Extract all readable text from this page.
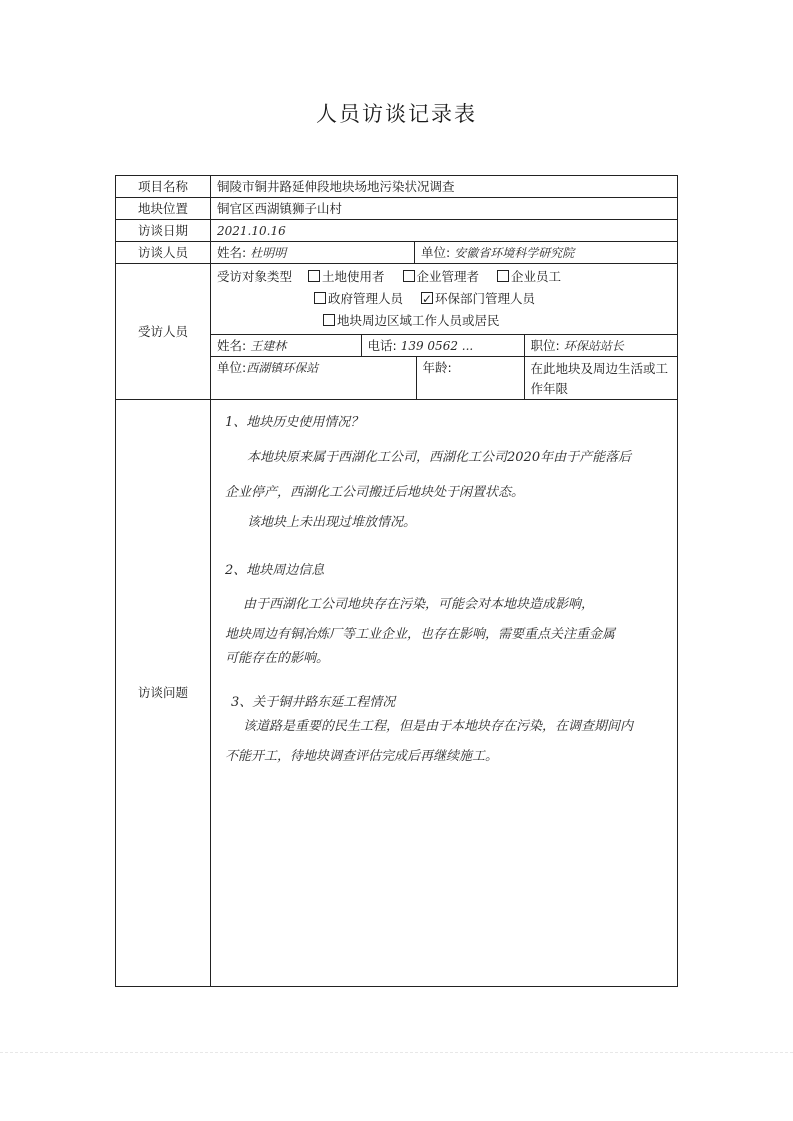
人员访谈记录表
项目名称	铜陵市铜井路延伸段地块场地污染状况调查
地块位置	铜官区西湖镇狮子山村
访谈日期	2021.10.16
访谈人员	姓名: 杜明明	单位: 安徽省环境科学研究院
受访人员	
受访对象类型 土地使用者	企业管理者	企业员工
政府管理人员 ✓	环保部门管理人员
地块周边区域工作人员或居民

姓名: 王建林	电话: 139 0562 ...	职位: 环保站站长

单位:西湖镇环保站	年龄:	在此地块及周边生活或工作年限

访谈问题	
1、地块历史使用情况？
本地块原来属于西湖化工公司，西湖化工公司2020年由于产能落后
企业停产，西湖化工公司搬迁后地块处于闲置状态。
该地块上未出现过堆放情况。
2、地块周边信息
由于西湖化工公司地块存在污染，可能会对本地块造成影响，
地块周边有铜冶炼厂等工业企业，也存在影响，需要重点关注重金属
可能存在的影响。
3、关于铜井路东延工程情况
该道路是重要的民生工程，但是由于本地块存在污染，在调查期间内
不能开工，待地块调查评估完成后再继续施工。
